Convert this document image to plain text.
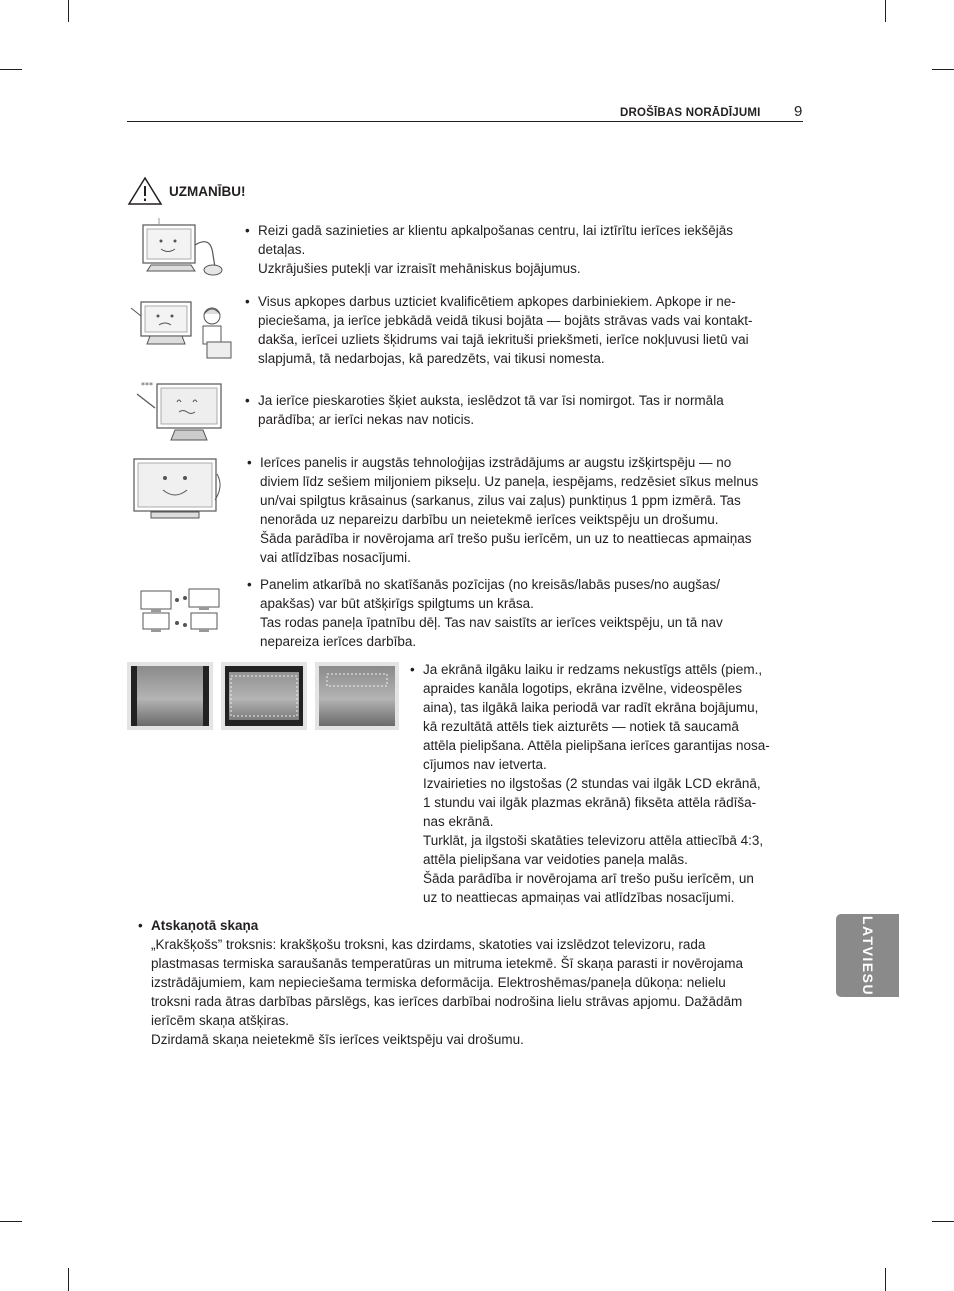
DROŠĪBAS NORĀDĪJUMI 9
UZMANĪBU!
***
• Reizi gadā sazinieties ar klientu apkalpošanas centru, lai iztīrītu ierīces iekšējās

detaļas.

Uzkrājušies putekļi var izraisīt mehāniskus bojājumus.

• Visus apkopes darbus uzticiet kvalificētiem apkopes darbiniekiem. Apkope ir ne-

pieciešama, ja ierīce jebkādā veidā tikusi bojāta — bojāts strāvas vads vai kontakt-

dakša, ierīcei uzliets šķidrums vai tajā iekrituši priekšmeti, ierīce nokļuvusi lietū vai

slapjumā, tā nedarbojas, kā paredzēts, vai tikusi nomesta.

• Ja ierīce pieskaroties šķiet auksta, ieslēdzot tā var īsi nomirgot. Tas ir normāla

parādība; ar ierīci nekas nav noticis.

• Ierīces panelis ir augstās tehnoloģijas izstrādājums ar augstu izšķirtspēju — no

diviem līdz sešiem miljoniem pikseļu. Uz paneļa, iespējams, redzēsiet sīkus melnus

un/vai spilgtus krāsainus (sarkanus, zilus vai zaļus) punktiņus 1 ppm izmērā. Tas

nenorāda uz nepareizu darbību un neietekmē ierīces veiktspēju un drošumu.

Šāda parādība ir novērojama arī trešo pušu ierīcēm, un uz to neattiecas apmaiņas

vai atlīdzības nosacījumi.

• Panelim atkarībā no skatīšanās pozīcijas (no kreisās/labās puses/no augšas/

apakšas) var būt atšķirīgs spilgtums un krāsa.

Tas rodas paneļa īpatnību dēļ. Tas nav saistīts ar ierīces veiktspēju, un tā nav

nepareiza ierīces darbība.

• Ja ekrānā ilgāku laiku ir redzams nekustīgs attēls (piem.,

apraides kanāla logotips, ekrāna izvēlne, videospēles

aina), tas ilgākā laika periodā var radīt ekrāna bojājumu,

kā rezultātā attēls tiek aizturēts — notiek tā saucamā

attēla pielipšana. Attēla pielipšana ierīces garantijas nosa-

cījumos nav ietverta.

Izvairieties no ilgstošas (2 stundas vai ilgāk LCD ekrānā,

1 stundu vai ilgāk plazmas ekrānā) fiksēta attēla rādīša-

nas ekrānā.

Turklāt, ja ilgstoši skatāties televizoru attēla attiecībā 4:3,

attēla pielipšana var veidoties paneļa malās.

Šāda parādība ir novērojama arī trešo pušu ierīcēm, un

uz to neattiecas apmaiņas vai atlīdzības nosacījumi.

• Atskaņotā skaņa

„Krakšķošs” troksnis: krakšķošu troksni, kas dzirdams, skatoties vai izslēdzot televizoru, rada

plastmasas termiska saraušanās temperatūras un mitruma ietekmē. Šī skaņa parasti ir novērojama

izstrādājumiem, kam nepieciešama termiska deformācija. Elektroshēmas/paneļa dūkoņa: nelielu

troksni rada ātras darbības pārslēgs, kas ierīces darbībai nodrošina lielu strāvas apjomu. Dažādām

ierīcēm skaņa atšķiras.

Dzirdamā skaņa neietekmē šīs ierīces veiktspēju vai drošumu.

LATVIESU
